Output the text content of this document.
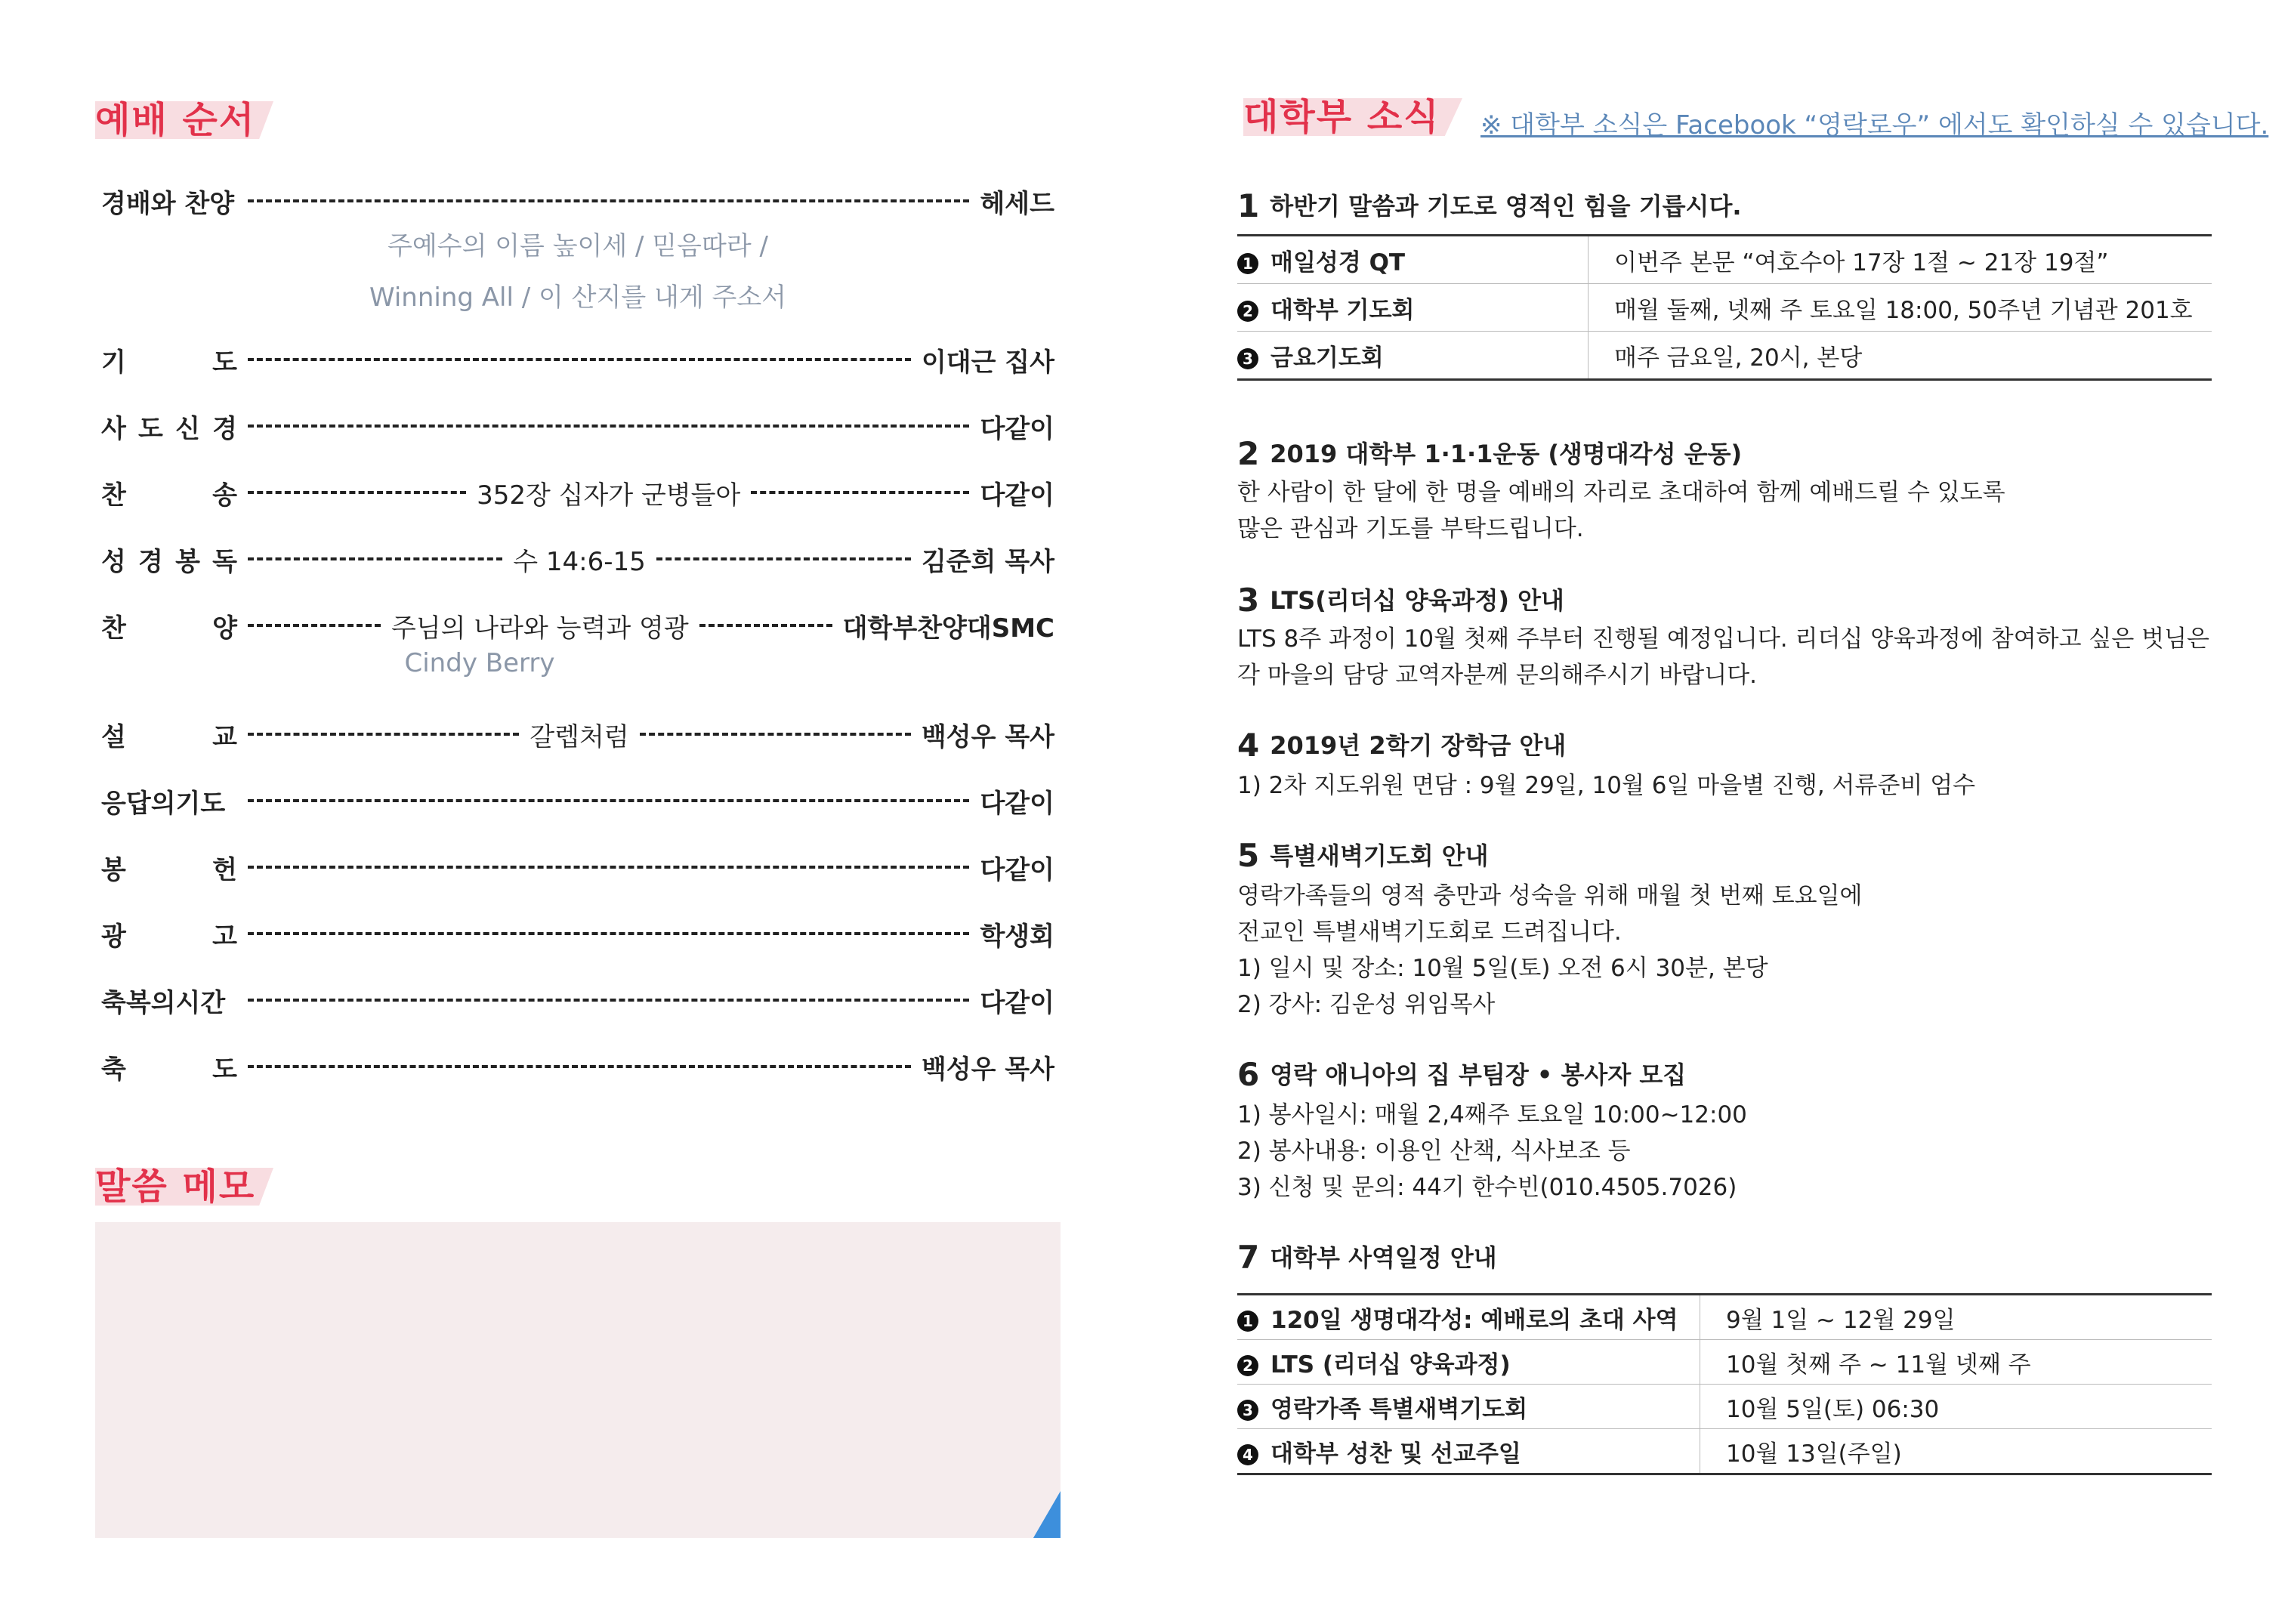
예배 순서
경배와 찬양	헤세드
기	도	이대근 집사
사 도 신 경	다같이
찬	송	352장 십자가 군병들아	다같이
성 경 봉 독	수 14:6-15	김준희 목사
찬	양	주님의 나라와 능력과 영광	대학부찬양대SMC
설	교	갈렙처럼	백성우 목사
응답의기도	다같이
봉	헌	다같이
광	고	학생회
축복의시간	다같이
축	도	백성우 목사
주예수의 이름 높이세 / 믿음따라 /
Winning All / 이 산지를 내게 주소서
Cindy Berry
말씀 메모
대학부 소식 ※ 대학부 소식은 Facebook “영락로우” 에서도 확인하실 수 있습니다.
1 하반기 말씀과 기도로 영적인 힘을 기릅시다.
1 매일성경 QT	이번주 본문 “여호수아 17장 1절 ~ 21장 19절”
2 대학부 기도회	매월 둘째, 넷째 주 토요일 18:00, 50주년 기념관 201호
3 금요기도회	매주 금요일, 20시, 본당
2 2019 대학부 1·1·1운동 (생명대각성 운동)
한 사람이 한 달에 한 명을 예배의 자리로 초대하여 함께 예배드릴 수 있도록
많은 관심과 기도를 부탁드립니다.
3 LTS(리더십 양육과정) 안내
LTS 8주 과정이 10월 첫째 주부터 진행될 예정입니다. 리더십 양육과정에 참여하고 싶은 벗님은
각 마을의 담당 교역자분께 문의해주시기 바랍니다.
4 2019년 2학기 장학금 안내
1) 2차 지도위원 면담 : 9월 29일, 10월 6일 마을별 진행, 서류준비 엄수
5 특별새벽기도회 안내
영락가족들의 영적 충만과 성숙을 위해 매월 첫 번째 토요일에
전교인 특별새벽기도회로 드려집니다.
1) 일시 및 장소: 10월 5일(토) 오전 6시 30분, 본당
2) 강사: 김운성 위임목사
6 영락 애니아의 집 부팀장 • 봉사자 모집
1) 봉사일시: 매월 2,4째주 토요일 10:00~12:00
2) 봉사내용: 이용인 산책, 식사보조 등
3) 신청 및 문의: 44기 한수빈(010.4505.7026)
7 대학부 사역일정 안내
1 120일 생명대각성: 예배로의 초대 사역	9월 1일 ~ 12월 29일
2 LTS (리더십 양육과정)	10월 첫째 주 ~ 11월 넷째 주
3 영락가족 특별새벽기도회	10월 5일(토) 06:30
4 대학부 성찬 및 선교주일	10월 13일(주일)
